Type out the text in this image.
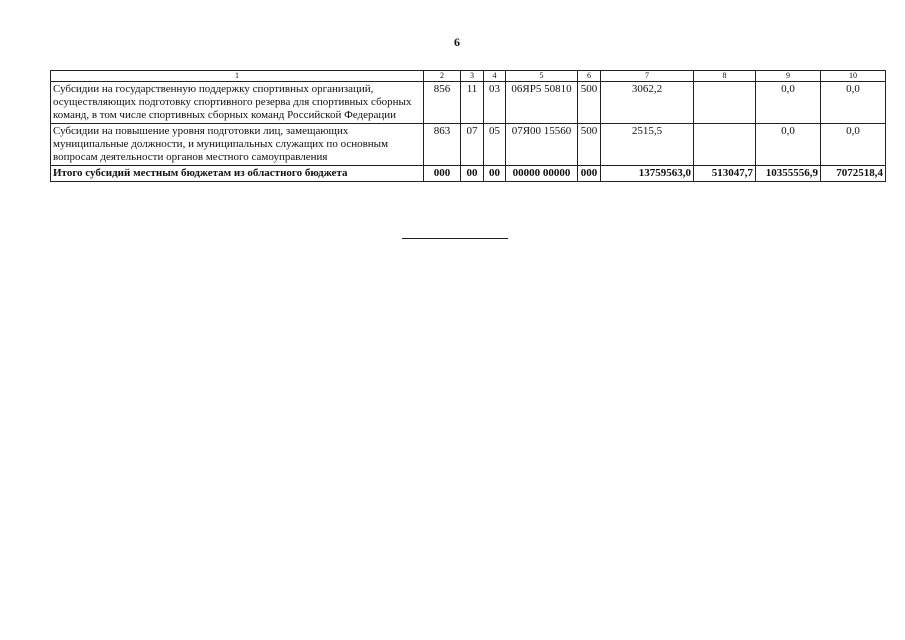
6
1	2	3	4	5	6	7	8	9	10
Субсидии на государственную поддержку спортивных организаций, осуществляющих подготовку спортивного резерва для спортивных сборных команд, в том числе спортивных сборных команд Российской Федерации	856	11	03	06ЯР5 50810	500	3062,2		0,0	0,0
Субсидии на повышение уровня подготовки лиц, замещающих муниципальные должности, и муниципальных служащих по основным вопросам деятельности органов местного самоуправления	863	07	05	07Я00 15560	500	2515,5		0,0	0,0
Итого субсидий местным бюджетам из областного бюджета	000	00	00	00000 00000	000	13759563,0	513047,7	10355556,9	7072518,4
